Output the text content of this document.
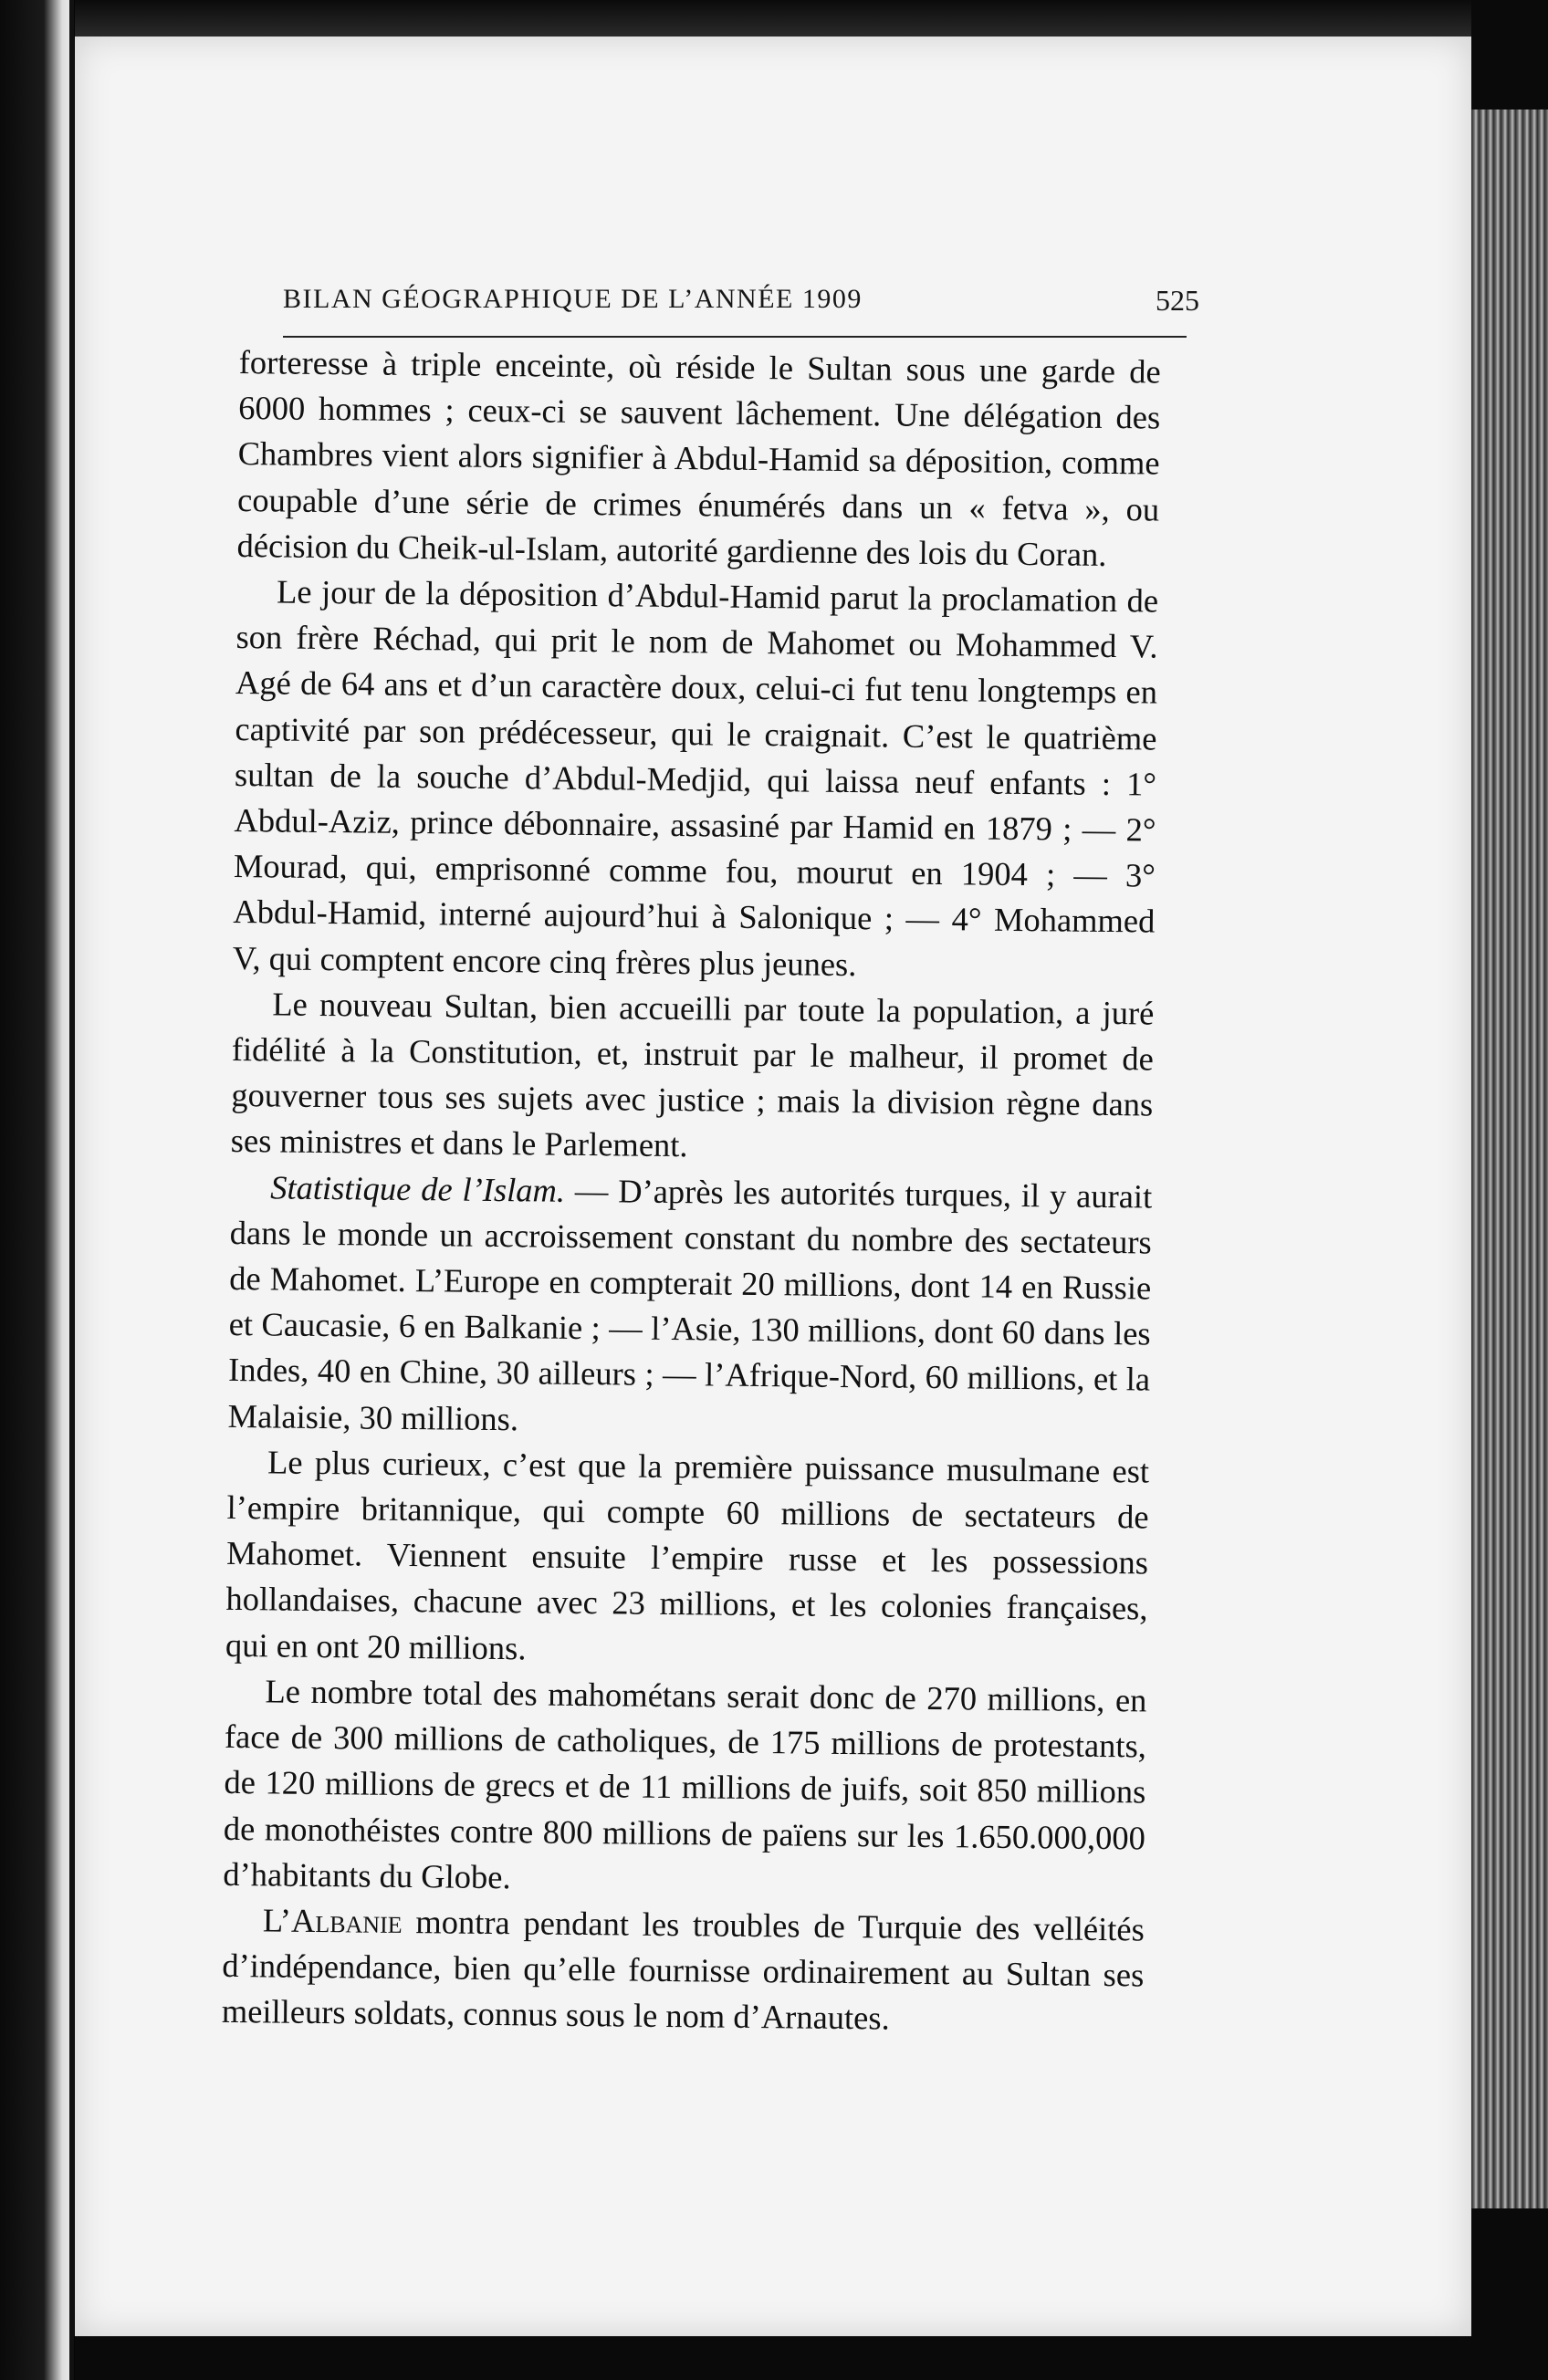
BILAN GÉOGRAPHIQUE DE L’ANNÉE 1909	525

forteresse à triple enceinte, où réside le Sultan sous une garde de 6000 hommes ; ceux-ci se sauvent lâchement. Une délégation des Chambres vient alors signifier à Abdul-Hamid sa déposition, comme coupable d’une série de crimes énumérés dans un « fetva », ou décision du Cheik-ul-Islam, autorité gardienne des lois du Coran.

Le jour de la déposition d’Abdul-Hamid parut la proclamation de son frère Réchad, qui prit le nom de Mahomet ou Mohammed V. Agé de 64 ans et d’un caractère doux, celui-ci fut tenu longtemps en captivité par son prédécesseur, qui le craignait. C’est le quatrième sultan de la souche d’Abdul-Medjid, qui laissa neuf enfants : 1° Abdul-Aziz, prince débonnaire, assasiné par Hamid en 1879 ; — 2° Mourad, qui, emprisonné comme fou, mourut en 1904 ; — 3° Abdul-Hamid, interné aujourd’hui à Salonique ; — 4° Mohammed V, qui comptent encore cinq frères plus jeunes.

Le nouveau Sultan, bien accueilli par toute la population, a juré fidélité à la Constitution, et, instruit par le malheur, il promet de gouverner tous ses sujets avec justice ; mais la division règne dans ses ministres et dans le Parlement.

Statistique de l’Islam. — D’après les autorités turques, il y aurait dans le monde un accroissement constant du nombre des sectateurs de Mahomet. L’Europe en compterait 20 millions, dont 14 en Russie et Caucasie, 6 en Balkanie ; — l’Asie, 130 millions, dont 60 dans les Indes, 40 en Chine, 30 ailleurs ; — l’Afrique-Nord, 60 millions, et la Malaisie, 30 millions.

Le plus curieux, c’est que la première puissance musulmane est l’empire britannique, qui compte 60 millions de sectateurs de Mahomet. Viennent ensuite l’empire russe et les possessions hollandaises, chacune avec 23 millions, et les colonies françaises, qui en ont 20 millions.

Le nombre total des mahométans serait donc de 270 millions, en face de 300 millions de catholiques, de 175 millions de protestants, de 120 millions de grecs et de 11 millions de juifs, soit 850 millions de monothéistes contre 800 millions de païens sur les 1.650.000,000 d’habitants du Globe.

L’Albanie montra pendant les troubles de Turquie des velléités d’indépendance, bien qu’elle fournisse ordinairement au Sultan ses meilleurs soldats, connus sous le nom d’Arnautes.
